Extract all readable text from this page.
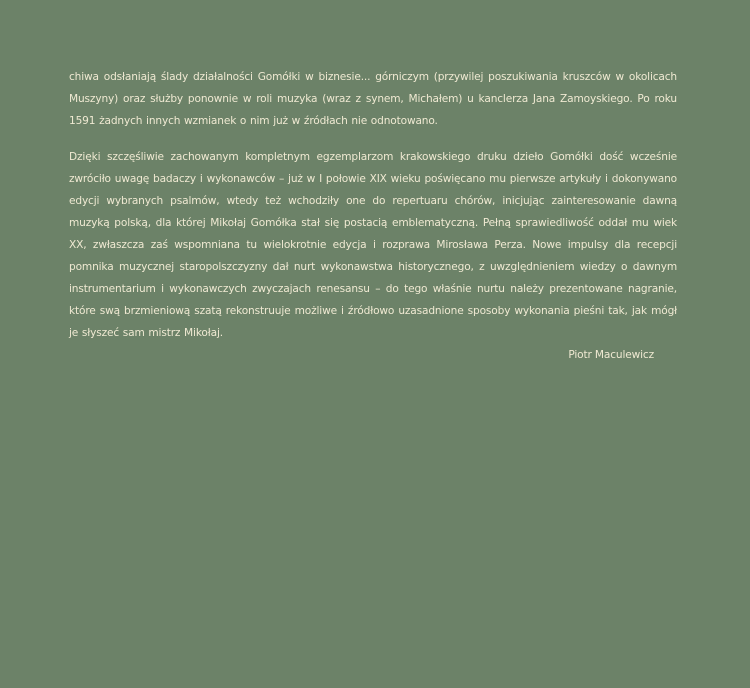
chiwa odsłaniają ślady działalności Gomółki w biznesie... górniczym (przywilej poszukiwania kruszców w okolicach Muszyny) oraz służby ponownie w roli muzyka (wraz z synem, Michałem) u kanclerza Jana Zamoyskiego. Po roku 1591 żadnych innych wzmianek o nim już w źródłach nie odnotowano.

Dzięki szczęśliwie zachowanym kompletnym egzemplarzom krakowskiego druku dzieło Gomółki dość wcześnie zwróciło uwagę badaczy i wykonawców – już w I połowie XIX wieku poświęcano mu pierwsze artykuły i dokonywano edycji wybranych psalmów, wtedy też wchodziły one do repertuaru chórów, inicjując zainteresowanie dawną muzyką polską, dla której Mikołaj Gomółka stał się postacią emblematyczną. Pełną sprawiedliwość oddał mu wiek XX, zwłaszcza zaś wspomniana tu wielokrotnie edycja i rozprawa Mirosława Perza. Nowe impulsy dla recepcji pomnika muzycznej staropolszczyzny dał nurt wykonawstwa historycznego, z uwzględnieniem wiedzy o dawnym instrumentarium i wykonawczych zwyczajach renesansu – do tego właśnie nurtu należy prezentowane nagranie, które swą brzmieniową szatą rekonstruuje możliwe i źródłowo uzasadnione sposoby wykonania pieśni tak, jak mógł je słyszeć sam mistrz Mikołaj.

Piotr Maculewicz
